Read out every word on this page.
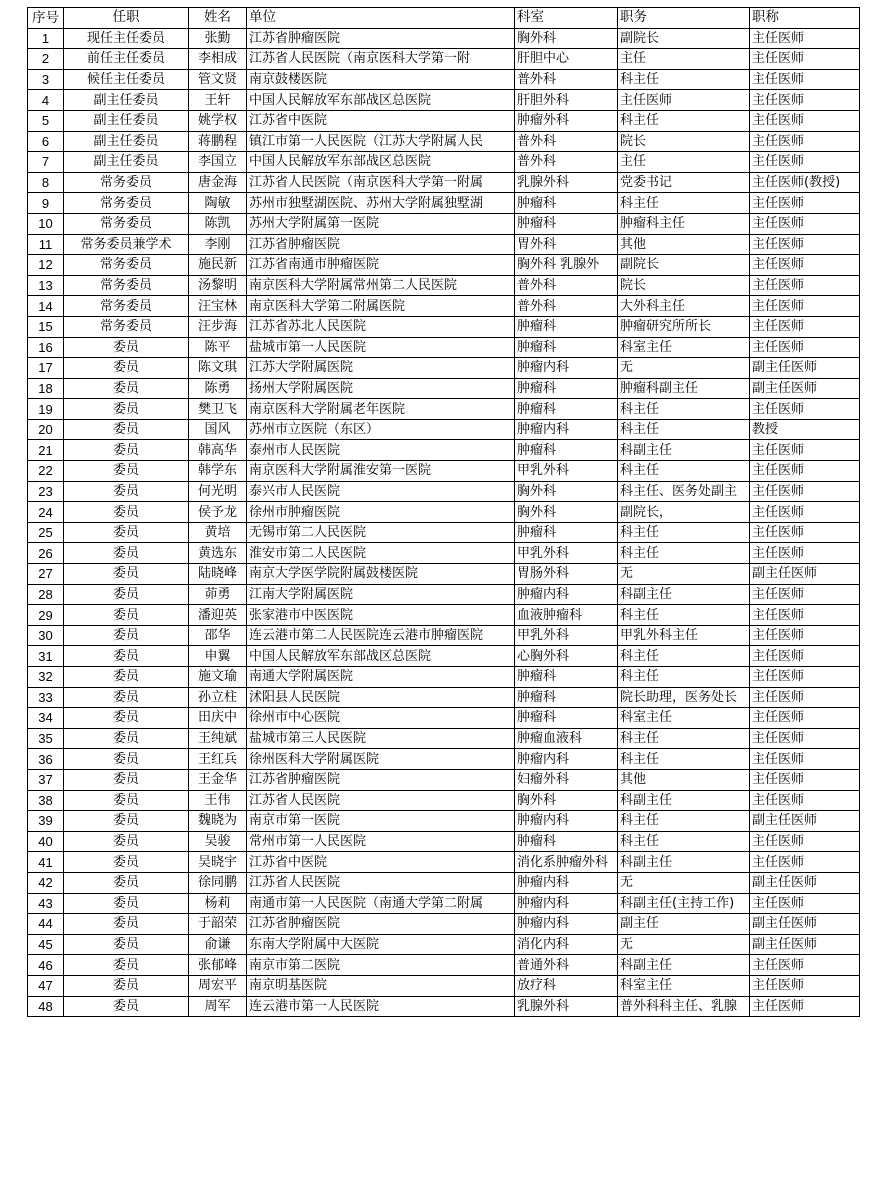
序号	任职	姓名	单位	科室	职务	职称
1	现任主任委员	张勤	江苏省肿瘤医院	胸外科	副院长	主任医师
2	前任主任委员	李相成	江苏省人民医院（南京医科大学第一附	肝胆中心	主任	主任医师
3	候任主任委员	管文贤	南京鼓楼医院	普外科	科主任	主任医师
4	副主任委员	王轩	中国人民解放军东部战区总医院	肝胆外科	主任医师	主任医师
5	副主任委员	姚学权	江苏省中医院	肿瘤外科	科主任	主任医师
6	副主任委员	蒋鹏程	镇江市第一人民医院（江苏大学附属人民	普外科	院长	主任医师
7	副主任委员	李国立	中国人民解放军东部战区总医院	普外科	主任	主任医师
8	常务委员	唐金海	江苏省人民医院（南京医科大学第一附属	乳腺外科	党委书记	主任医师(教授)
9	常务委员	陶敏	苏州市独墅湖医院、苏州大学附属独墅湖	肿瘤科	科主任	主任医师
10	常务委员	陈凯	苏州大学附属第一医院	肿瘤科	肿瘤科主任	主任医师
11	常务委员兼学术	李刚	江苏省肿瘤医院	胃外科	其他	主任医师
12	常务委员	施民新	江苏省南通市肿瘤医院	胸外科 乳腺外	副院长	主任医师
13	常务委员	汤黎明	南京医科大学附属常州第二人民医院	普外科	院长	主任医师
14	常务委员	汪宝林	南京医科大学第二附属医院	普外科	大外科主任	主任医师
15	常务委员	汪步海	江苏省苏北人民医院	肿瘤科	肿瘤研究所所长	主任医师
16	委员	陈平	盐城市第一人民医院	肿瘤科	科室主任	主任医师
17	委员	陈文琪	江苏大学附属医院	肿瘤内科	无	副主任医师
18	委员	陈勇	扬州大学附属医院	肿瘤科	肿瘤科副主任	副主任医师
19	委员	樊卫飞	南京医科大学附属老年医院	肿瘤科	科主任	主任医师
20	委员	国风	苏州市立医院（东区）	肿瘤内科	科主任	教授
21	委员	韩高华	泰州市人民医院	肿瘤科	科副主任	主任医师
22	委员	韩学东	南京医科大学附属淮安第一医院	甲乳外科	科主任	主任医师
23	委员	何光明	泰兴市人民医院	胸外科	科主任、医务处副主	主任医师
24	委员	侯予龙	徐州市肿瘤医院	胸外科	副院长，	主任医师
25	委员	黄培	无锡市第二人民医院	肿瘤科	科主任	主任医师
26	委员	黄选东	淮安市第二人民医院	甲乳外科	科主任	主任医师
27	委员	陆晓峰	南京大学医学院附属鼓楼医院	胃肠外科	无	副主任医师
28	委员	茆勇	江南大学附属医院	肿瘤内科	科副主任	主任医师
29	委员	潘迎英	张家港市中医医院	血液肿瘤科	科主任	主任医师
30	委员	邵华	连云港市第二人民医院连云港市肿瘤医院	甲乳外科	甲乳外科主任	主任医师
31	委员	申翼	中国人民解放军东部战区总医院	心胸外科	科主任	主任医师
32	委员	施文瑜	南通大学附属医院	肿瘤科	科主任	主任医师
33	委员	孙立柱	沭阳县人民医院	肿瘤科	院长助理，医务处长	主任医师
34	委员	田庆中	徐州市中心医院	肿瘤科	科室主任	主任医师
35	委员	王纯斌	盐城市第三人民医院	肿瘤血液科	科主任	主任医师
36	委员	王红兵	徐州医科大学附属医院	肿瘤内科	科主任	主任医师
37	委员	王金华	江苏省肿瘤医院	妇瘤外科	其他	主任医师
38	委员	王伟	江苏省人民医院	胸外科	科副主任	主任医师
39	委员	魏晓为	南京市第一医院	肿瘤内科	科主任	副主任医师
40	委员	吴骏	常州市第一人民医院	肿瘤科	科主任	主任医师
41	委员	吴晓宇	江苏省中医院	消化系肿瘤外科	科副主任	主任医师
42	委员	徐同鹏	江苏省人民医院	肿瘤内科	无	副主任医师
43	委员	杨莉	南通市第一人民医院（南通大学第二附属	肿瘤内科	科副主任(主持工作)	主任医师
44	委员	于韶荣	江苏省肿瘤医院	肿瘤内科	副主任	副主任医师
45	委员	俞谦	东南大学附属中大医院	消化内科	无	副主任医师
46	委员	张郁峰	南京市第二医院	普通外科	科副主任	主任医师
47	委员	周宏平	南京明基医院	放疗科	科室主任	主任医师
48	委员	周军	连云港市第一人民医院	乳腺外科	普外科科主任、乳腺	主任医师
